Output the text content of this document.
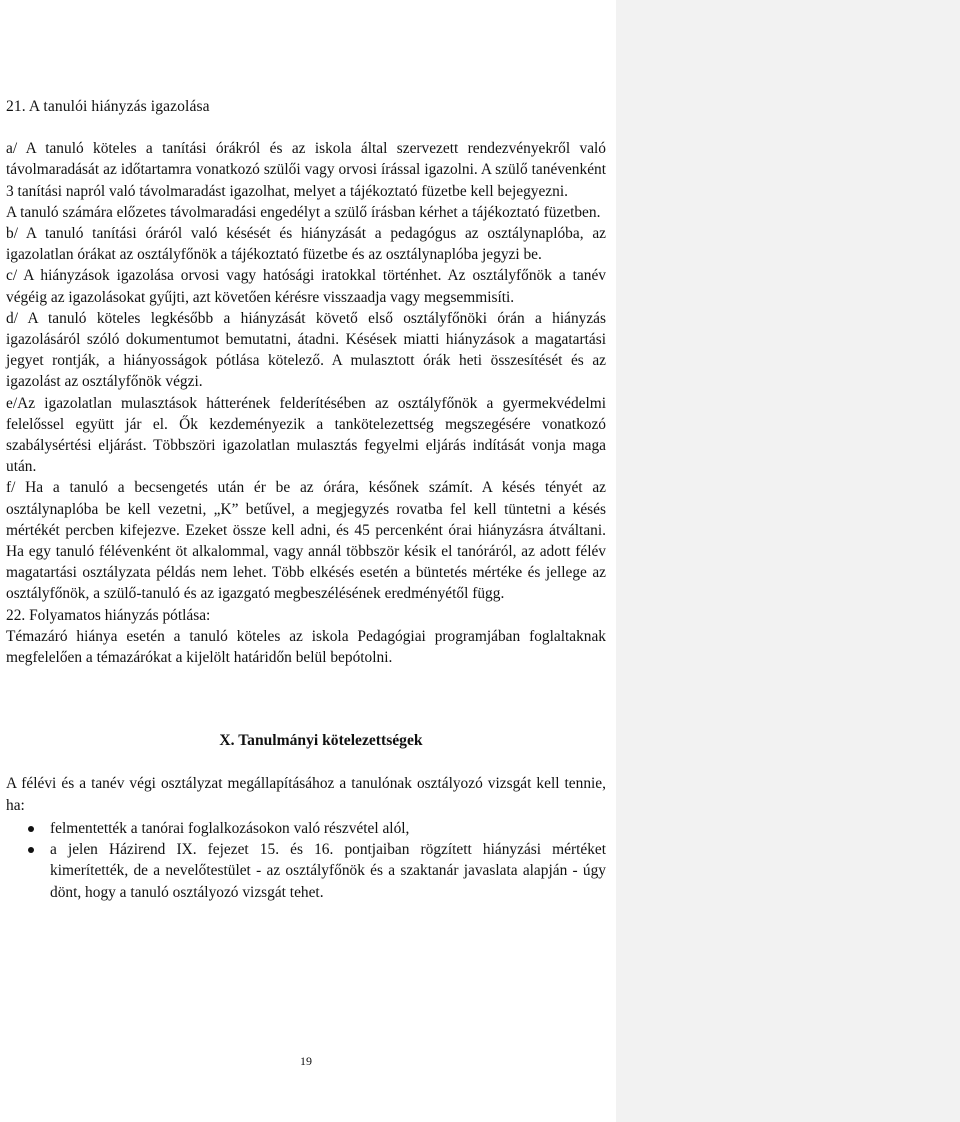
21. A tanulói hiányzás igazolása

a/ A tanuló köteles a tanítási órákról és az iskola által szervezett rendezvényekről való távolmaradását az időtartamra vonatkozó szülői vagy orvosi írással igazolni. A szülő tanévenként 3 tanítási napról való távolmaradást igazolhat, melyet a tájékoztató füzetbe kell bejegyezni.

A tanuló számára előzetes távolmaradási engedélyt a szülő írásban kérhet a tájékoztató füzetben.

b/ A tanuló tanítási óráról való késését és hiányzását a pedagógus az osztálynaplóba, az igazolatlan órákat az osztályfőnök a tájékoztató füzetbe és az osztálynaplóba jegyzi be.

c/ A hiányzások igazolása orvosi vagy hatósági iratokkal történhet. Az osztályfőnök a tanév végéig az igazolásokat gyűjti, azt követően kérésre visszaadja vagy megsemmisíti.

d/ A tanuló köteles legkésőbb a hiányzását követő első osztályfőnöki órán a hiányzás igazolásáról szóló dokumentumot bemutatni, átadni. Késések miatti hiányzások a magatartási jegyet rontják, a hiányosságok pótlása kötelező. A mulasztott órák heti összesítését és az igazolást az osztályfőnök végzi.

e/Az igazolatlan mulasztások hátterének felderítésében az osztályfőnök a gyermekvédelmi felelőssel együtt jár el. Ők kezdeményezik a tankötelezettség megszegésére vonatkozó szabálysértési eljárást. Többszöri igazolatlan mulasztás fegyelmi eljárás indítását vonja maga után.

f/ Ha a tanuló a becsengetés után ér be az órára, későnek számít. A késés tényét az osztálynaplóba be kell vezetni, „K” betűvel, a megjegyzés rovatba fel kell tüntetni a késés mértékét percben kifejezve. Ezeket össze kell adni, és 45 percenként órai hiányzásra átváltani. Ha egy tanuló félévenként öt alkalommal, vagy annál többször késik el tanóráról, az adott félév magatartási osztályzata példás nem lehet. Több elkésés esetén a büntetés mértéke és jellege az osztályfőnök, a szülő-tanuló és az igazgató megbeszélésének eredményétől függ.

22. Folyamatos hiányzás pótlása:

Témazáró hiánya esetén a tanuló köteles az iskola Pedagógiai programjában foglaltaknak megfelelően a témazárókat a kijelölt határidőn belül bepótolni.

X. Tanulmányi kötelezettségek

A félévi és a tanév végi osztályzat megállapításához a tanulónak osztályozó vizsgát kell tennie, ha:

felmentették a tanórai foglalkozásokon való részvétel alól,
a jelen Házirend IX. fejezet 15. és 16. pontjaiban rögzített hiányzási mértéket kimerítették, de a nevelőtestület - az osztályfőnök és a szaktanár javaslata alapján - úgy dönt, hogy a tanuló osztályozó vizsgát tehet.
19
